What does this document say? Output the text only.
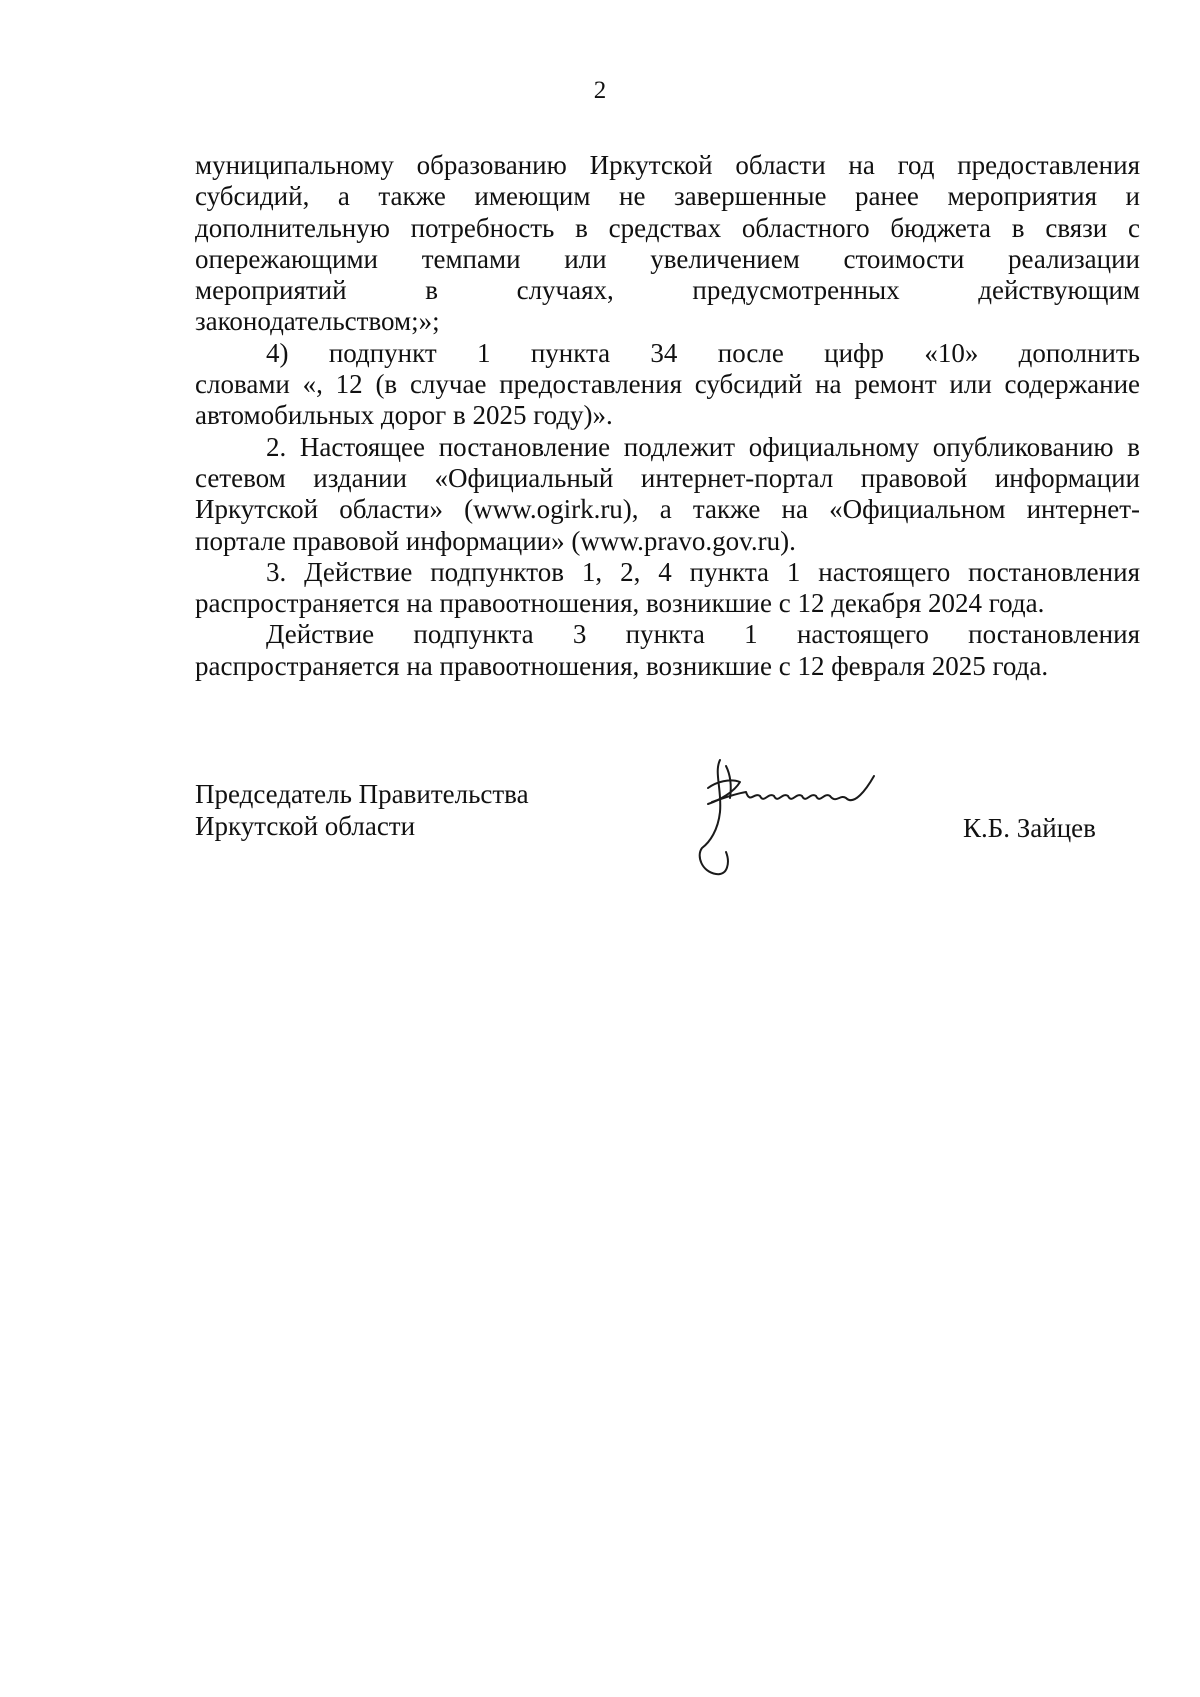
2

муниципальному образованию Иркутской области на год предоставления
субсидий, а также имеющим не завершенные ранее мероприятия и
дополнительную потребность в средствах областного бюджета в связи с
опережающими темпами или увеличением стоимости реализации
мероприятий в случаях, предусмотренных действующим
законодательством;»;

4) подпункт 1 пункта 34 после цифр «10» дополнить
словами «, 12 (в случае предоставления субсидий на ремонт или содержание
автомобильных дорог в 2025 году)».

2. Настоящее постановление подлежит официальному опубликованию в
сетевом издании «Официальный интернет-портал правовой информации
Иркутской области» (www.ogirk.ru), а также на «Официальном интернет-
портале правовой информации» (www.pravo.gov.ru).

3. Действие подпунктов 1, 2, 4 пункта 1 настоящего постановления
распространяется на правоотношения, возникшие с 12 декабря 2024 года.

Действие подпункта 3 пункта 1 настоящего постановления
распространяется на правоотношения, возникшие с 12 февраля 2025 года.

Председатель Правительства
Иркутской области	К.Б. Зайцев
